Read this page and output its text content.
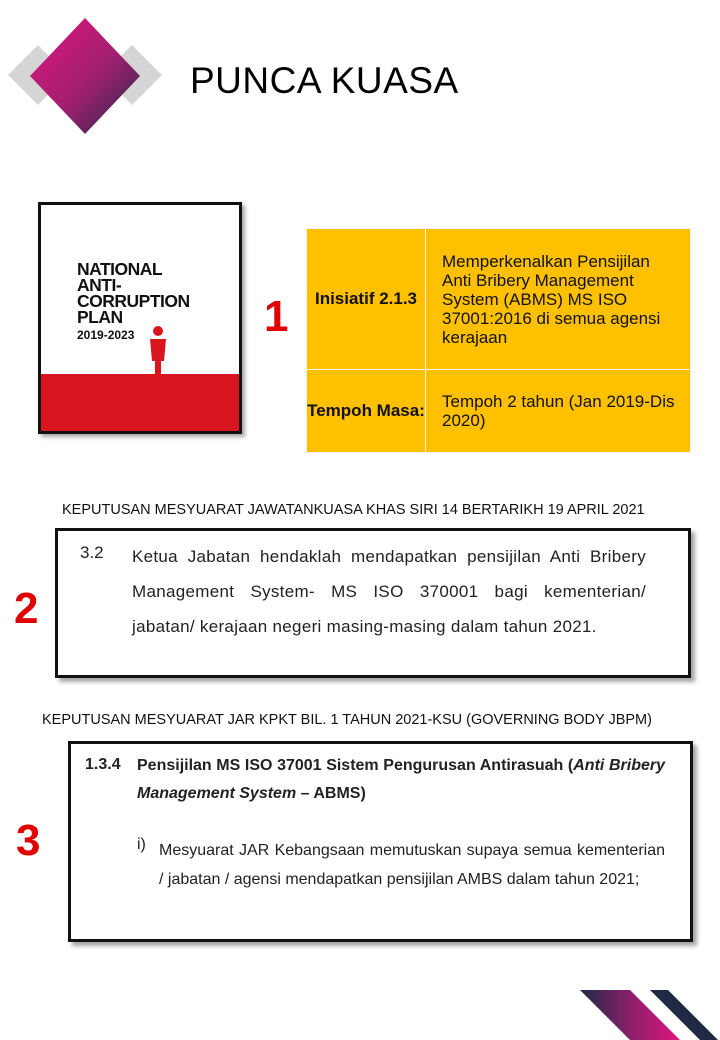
PUNCA KUASA
NATIONAL
ANTI-
CORRUPTION
PLAN
2019-2023	1 Inisiatif 2.1.3	Memperkenalkan Pensijilan Anti Bribery Management System (ABMS) MS ISO 37001:2016 di semua agensi kerajaan
Tempoh Masa:	Tempoh 2 tahun (Jan 2019-Dis 2020)
KEPUTUSAN MESYUARAT JAWATANKUASA KHAS SIRI 14 BERTARIKH 19 APRIL 2021
2
3.2 Ketua Jabatan hendaklah mendapatkan pensijilan Anti Bribery Management System- MS ISO 370001 bagi kementerian/ jabatan/ kerajaan negeri masing-masing dalam tahun 2021.
KEPUTUSAN MESYUARAT JAR KPKT BIL. 1 TAHUN 2021-KSU (GOVERNING BODY JBPM)
3
1.3.4 Pensijilan MS ISO 37001 Sistem Pengurusan Antirasuah (Anti Bribery Management System – ABMS)
i) Mesyuarat JAR Kebangsaan memutuskan supaya semua kementerian / jabatan / agensi mendapatkan pensijilan AMBS dalam tahun 2021;
